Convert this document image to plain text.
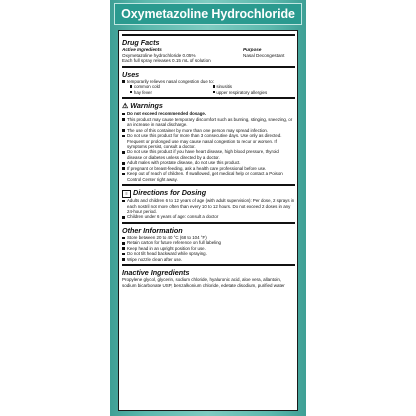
Oxymetazoline Hydrochloride
Drug Facts
Active Ingredients	Purpose
Oxymetazoline hydrochloride 0.05%	Nasal Decongestant
Each full spray releases 0.15 mL of solution
Uses
temporarily relieves nasal congestion due to:
common cold	sinusitis
hay fever	upper respiratory allergies
⚠ Warnings
Do not exceed recommended dosage.
This product may cause temporary discomfort such as burning, stinging, sneezing, or an increase in nasal discharge.
The use of this container by more than one person may spread infection.
Do not use this product for more than 3 consecutive days. Use only as directed. Frequent or prolonged use may cause nasal congestion to recur or worsen. If symptoms persist, consult a doctor.
Do not use this product if you have heart disease, high blood pressure, thyroid disease or diabetes unless directed by a doctor.
Adult males with prostate disease, do not use this product.
If pregnant or breast-feeding, ask a health care professional before use.
Keep out of reach of children. If swallowed, get medical help or contact a Poison Control Center right away.
≡ Directions for Dosing
Adults and children 6 to 12 years of age (with adult supervision): Per dose, 2 sprays in each nostril not more often than every 10 to 12 hours. Do not exceed 2 doses in any 24-hour period.
Children under 6 years of age: consult a doctor
Other Information
Store between 20 to 40 °C (68 to 104 °F)
Retain carton for future reference on full labeling
Keep head in an upright position for use.
Do not tilt head backward while spraying.
Wipe nozzle clean after use.
Inactive Ingredients
Propylene glycol, glycerin, sodium chloride, hyaluronic acid, aloe vera, allantoin, sodium bicarbonate USP, benzalkonium chloride, edetate disodium, purified water
